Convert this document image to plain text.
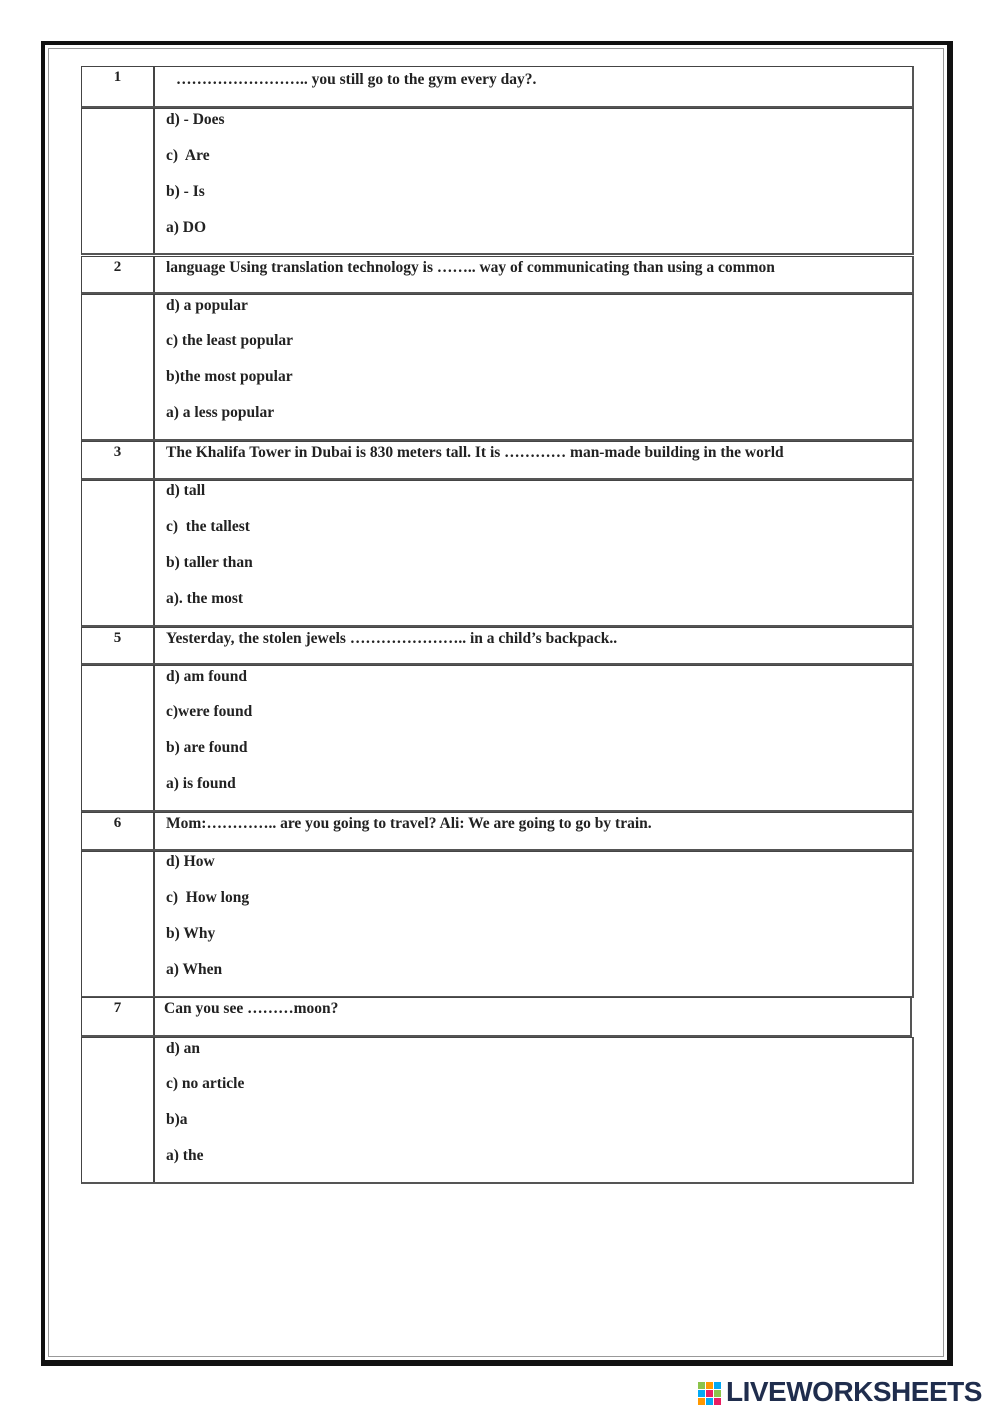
1	…………………….. you still go to the gym every day?.
d) - Does
c)  Are
b) - Is
a) DO
2	language Using translation technology is …….. way of communicating than using a common
d) a popular
c) the least popular
b)the most popular
a) a less popular
3	The Khalifa Tower in Dubai is 830 meters tall. It is ………… man-made building in the world
d) tall
c)  the tallest
b) taller than
a). the most
5	Yesterday, the stolen jewels ………………….. in a child’s backpack..
d) am found
c)were found
b) are found
a) is found
6	Mom:………….. are you going to travel? Ali: We are going to go by train.
d) How
c)  How long
b) Why
a) When
7	Can you see ………moon?
d) an
c) no article
b)a
a) the
LIVEWORKSHEETS
